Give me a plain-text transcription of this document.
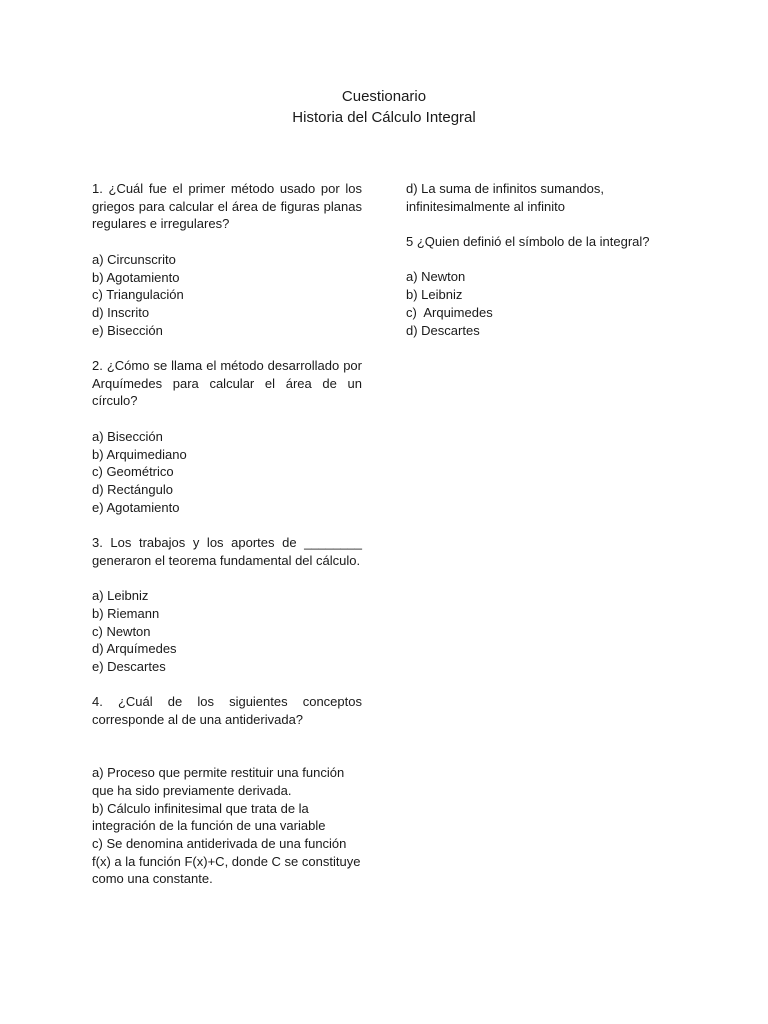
Cuestionario
Historia del Cálculo Integral
1. ¿Cuál fue el primer método usado por los griegos para calcular el área de figuras planas regulares e irregulares?
a) Circunscrito
b) Agotamiento
c) Triangulación
d) Inscrito
e) Bisección
2. ¿Cómo se llama el método desarrollado por Arquímedes para calcular el área de un círculo?
a) Bisección
b) Arquimediano
c) Geométrico
d) Rectángulo
e) Agotamiento
3. Los trabajos y los aportes de ________ generaron el teorema fundamental del cálculo.
a) Leibniz
b) Riemann
c) Newton
d) Arquímedes
e) Descartes
4. ¿Cuál de los siguientes conceptos corresponde al de una antiderivada?
a) Proceso que permite restituir una función que ha sido previamente derivada.
b) Cálculo infinitesimal que trata de la integración de la función de una variable
c) Se denomina antiderivada de una función f(x) a la función F(x)+C, donde C se constituye como una constante.
d) La suma de infinitos sumandos, infinitesimalmente al infinito
5 ¿Quien definió el símbolo de la integral?
a) Newton
b) Leibniz
c)  Arquimedes
d) Descartes
